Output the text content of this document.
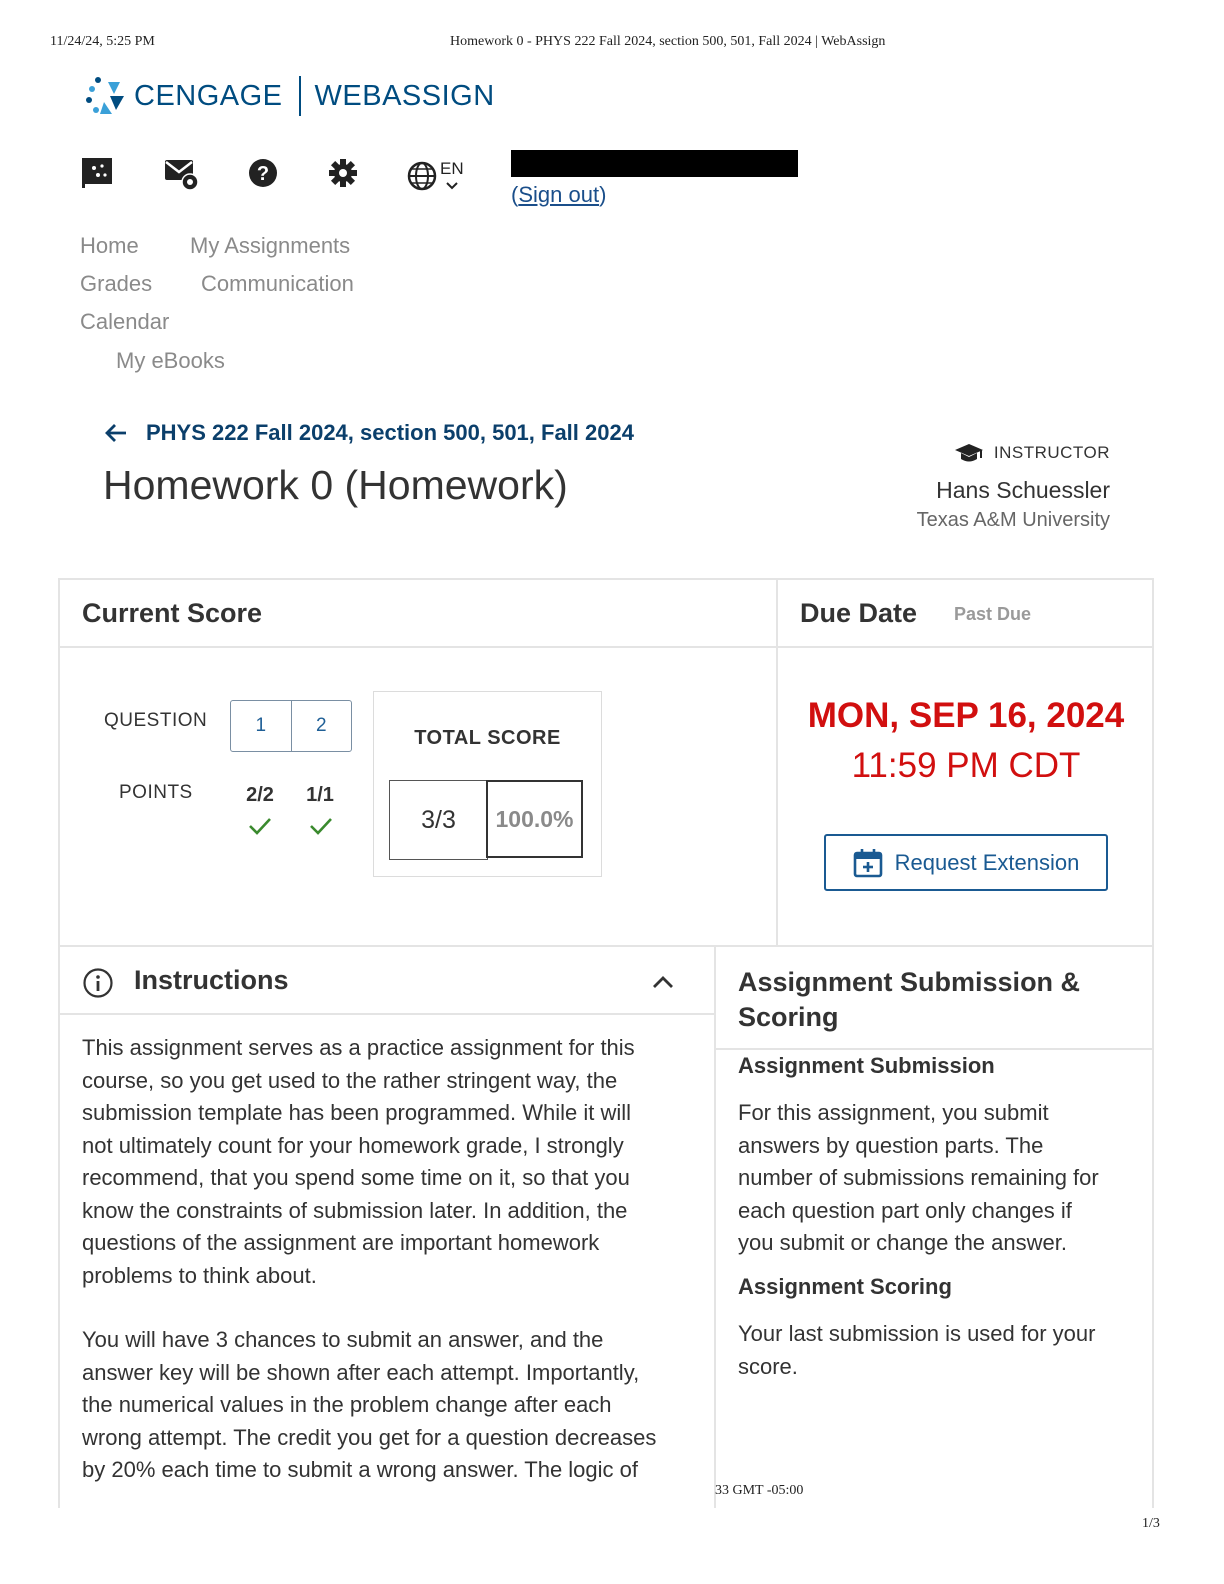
11/24/24, 5:25 PM	Homework 0 - PHYS 222 Fall 2024, section 500, 501, Fall 2024 | WebAssign
CENGAGE WEBASSIGN
?	EN
(Sign out)
Home My Assignments
Grades Communication
Calendar
My eBooks
PHYS 222 Fall 2024, section 500, 501, Fall 2024
Homework 0 (Homework)
INSTRUCTOR
Hans Schuessler
Texas A&M University
Current Score
QUESTION	1	2
POINTS	2/2 1/1
TOTAL SCORE
3/3	100.0%
Due Date Past Due
MON, SEP 16, 2024
11:59 PM CDT
Request Extension
Instructions
This assignment serves as a practice assignment for this
course, so you get used to the rather stringent way, the
submission template has been programmed. While it will
not ultimately count for your homework grade, I strongly
recommend, that you spend some time on it, so that you
know the constraints of submission later. In addition, the
questions of the assignment are important homework
problems to think about.
You will have 3 chances to submit an answer, and the
answer key will be shown after each attempt. Importantly,
the numerical values in the problem change after each
wrong attempt. The credit you get for a question decreases
by 20% each time to submit a wrong answer. The logic of
Assignment Submission &
Scoring
Assignment Submission
For this assignment, you submit
answers by question parts. The
number of submissions remaining for
each question part only changes if
you submit or change the answer.
Assignment Scoring
Your last submission is used for your
score.
33 GMT -05:00
1/3
